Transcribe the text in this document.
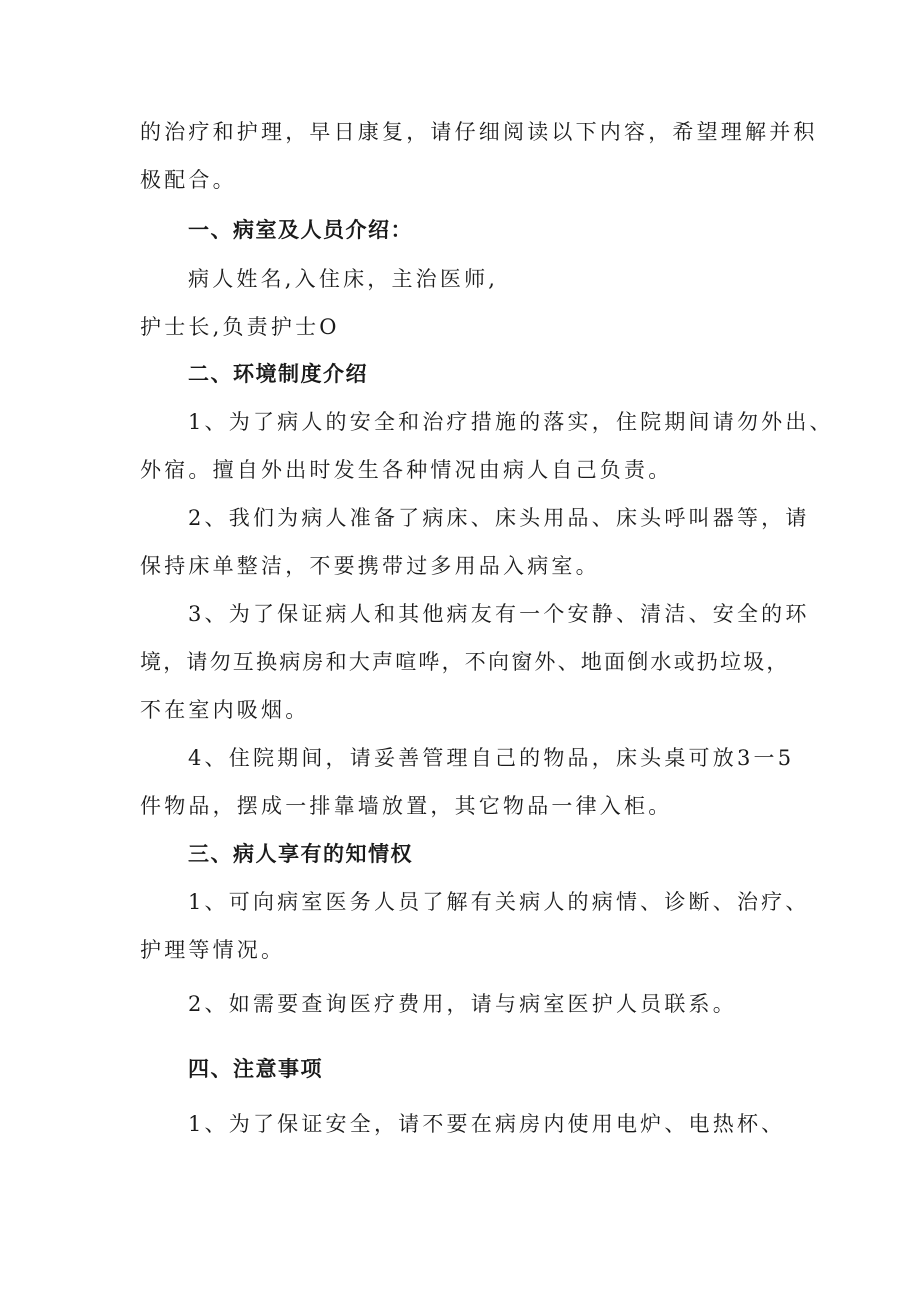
的治疗和护理，早日康复，请仔细阅读以下内容，希望理解并积
极配合。
一、病室及人员介绍：
病人姓名,入住床，主治医师,
护士长,负责护士O
二、环境制度介绍
1、为了病人的安全和治疗措施的落实，住院期间请勿外出、
外宿。擅自外出时发生各种情况由病人自己负责。
2、我们为病人准备了病床、床头用品、床头呼叫器等，请
保持床单整洁，不要携带过多用品入病室。
3、为了保证病人和其他病友有一个安静、清洁、安全的环
境，请勿互换病房和大声喧哗，不向窗外、地面倒水或扔垃圾，
不在室内吸烟。
4、住院期间，请妥善管理自己的物品，床头桌可放3一5
件物品，摆成一排靠墙放置，其它物品一律入柜。
三、病人享有的知情权
1、可向病室医务人员了解有关病人的病情、诊断、治疗、
护理等情况。
2、如需要查询医疗费用，请与病室医护人员联系。
四、注意事项
1、为了保证安全，请不要在病房内使用电炉、电热杯、
